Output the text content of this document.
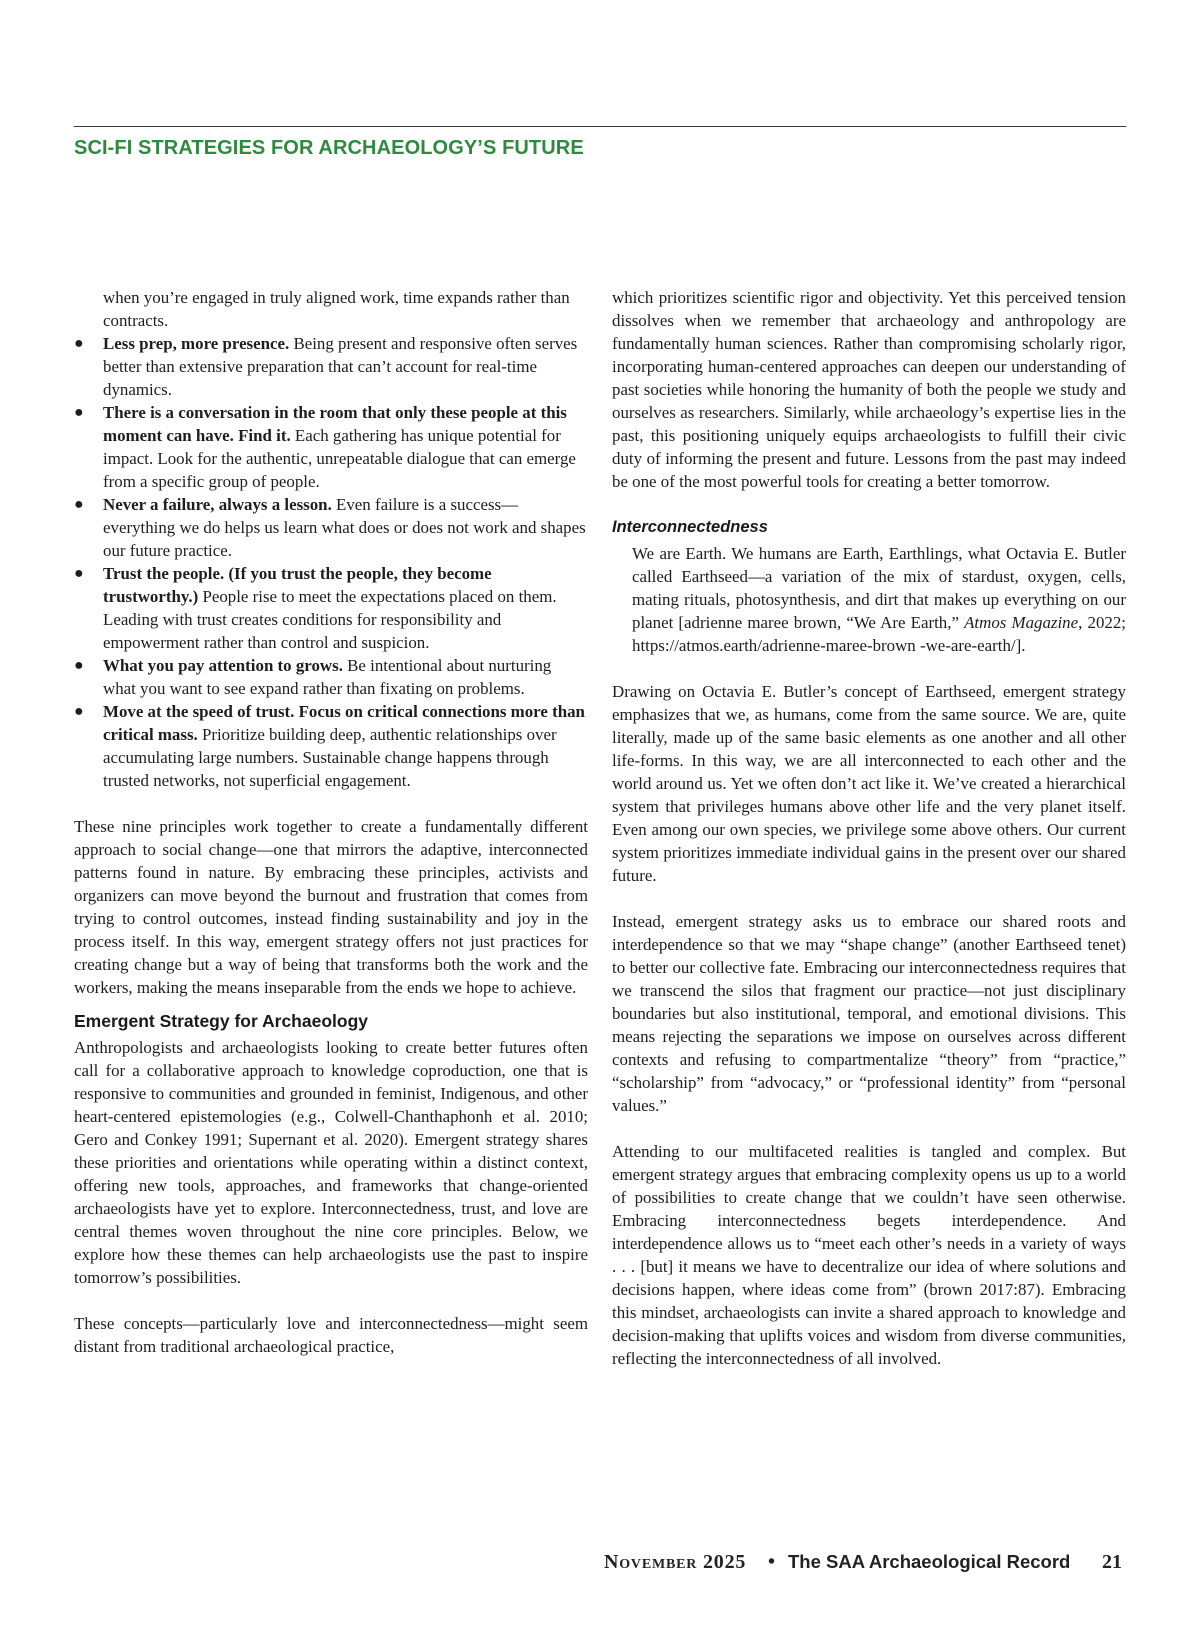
SCI-FI STRATEGIES FOR ARCHAEOLOGY’S FUTURE

when you’re engaged in truly aligned work, time expands rather than contracts.

● Less prep, more presence. Being present and responsive often serves better than extensive preparation that can’t account for real-time dynamics.
● There is a conversation in the room that only these people at this moment can have. Find it. Each gathering has unique potential for impact. Look for the authentic, unrepeatable dialogue that can emerge from a specific group of people.
● Never a failure, always a lesson. Even failure is a success—everything we do helps us learn what does or does not work and shapes our future practice.
● Trust the people. (If you trust the people, they become trustworthy.) People rise to meet the expectations placed on them. Leading with trust creates conditions for responsibility and empowerment rather than control and suspicion.
● What you pay attention to grows. Be intentional about nurturing what you want to see expand rather than fixating on problems.
● Move at the speed of trust. Focus on critical connections more than critical mass. Prioritize building deep, authentic relationships over accumulating large numbers. Sustainable change happens through trusted networks, not superficial engagement.

These nine principles work together to create a fundamentally different approach to social change—one that mirrors the adaptive, interconnected patterns found in nature. By embracing these principles, activists and organizers can move beyond the burnout and frustration that comes from trying to control outcomes, instead finding sustainability and joy in the process itself. In this way, emergent strategy offers not just practices for creating change but a way of being that transforms both the work and the workers, making the means inseparable from the ends we hope to achieve.

Emergent Strategy for Archaeology

Anthropologists and archaeologists looking to create better futures often call for a collaborative approach to knowledge coproduction, one that is responsive to communities and grounded in feminist, Indigenous, and other heart-centered epistemologies (e.g., Colwell-Chanthaphonh et al. 2010; Gero and Conkey 1991; Supernant et al. 2020). Emergent strategy shares these priorities and orientations while operating within a distinct context, offering new tools, approaches, and frameworks that change-oriented archaeologists have yet to explore. Interconnectedness, trust, and love are central themes woven throughout the nine core principles. Below, we explore how these themes can help archaeologists use the past to inspire tomorrow’s possibilities.

These concepts—particularly love and interconnectedness—might seem distant from traditional archaeological practice,

which prioritizes scientific rigor and objectivity. Yet this perceived tension dissolves when we remember that archaeology and anthropology are fundamentally human sciences. Rather than compromising scholarly rigor, incorporating human-centered approaches can deepen our understanding of past societies while honoring the humanity of both the people we study and ourselves as researchers. Similarly, while archaeology’s expertise lies in the past, this positioning uniquely equips archaeologists to fulfill their civic duty of informing the present and future. Lessons from the past may indeed be one of the most powerful tools for creating a better tomorrow.

Interconnectedness

We are Earth. We humans are Earth, Earthlings, what Octavia E. Butler called Earthseed—a variation of the mix of stardust, oxygen, cells, mating rituals, photosynthesis, and dirt that makes up everything on our planet [adrienne maree brown, “We Are Earth,” Atmos Magazine, 2022; https://atmos.earth/adrienne-maree-brown -we-are-earth/].

Drawing on Octavia E. Butler’s concept of Earthseed, emergent strategy emphasizes that we, as humans, come from the same source. We are, quite literally, made up of the same basic elements as one another and all other life-forms. In this way, we are all interconnected to each other and the world around us. Yet we often don’t act like it. We’ve created a hierarchical system that privileges humans above other life and the very planet itself. Even among our own species, we privilege some above others. Our current system prioritizes immediate individual gains in the present over our shared future.

Instead, emergent strategy asks us to embrace our shared roots and interdependence so that we may “shape change” (another Earthseed tenet) to better our collective fate. Embracing our interconnectedness requires that we transcend the silos that fragment our practice—not just disciplinary boundaries but also institutional, temporal, and emotional divisions. This means rejecting the separations we impose on ourselves across different contexts and refusing to compartmentalize “theory” from “practice,” “scholarship” from “advocacy,” or “professional identity” from “personal values.”

Attending to our multifaceted realities is tangled and complex. But emergent strategy argues that embracing complexity opens us up to a world of possibilities to create change that we couldn’t have seen otherwise. Embracing interconnectedness begets interdependence. And interdependence allows us to “meet each other’s needs in a variety of ways . . . [but] it means we have to decentralize our idea of where solutions and decisions happen, where ideas come from” (brown 2017:87). Embracing this mindset, archaeologists can invite a shared approach to knowledge and decision-making that uplifts voices and wisdom from diverse communities, reflecting the interconnectedness of all involved.

November 2025 • The SAA Archaeological Record 21
